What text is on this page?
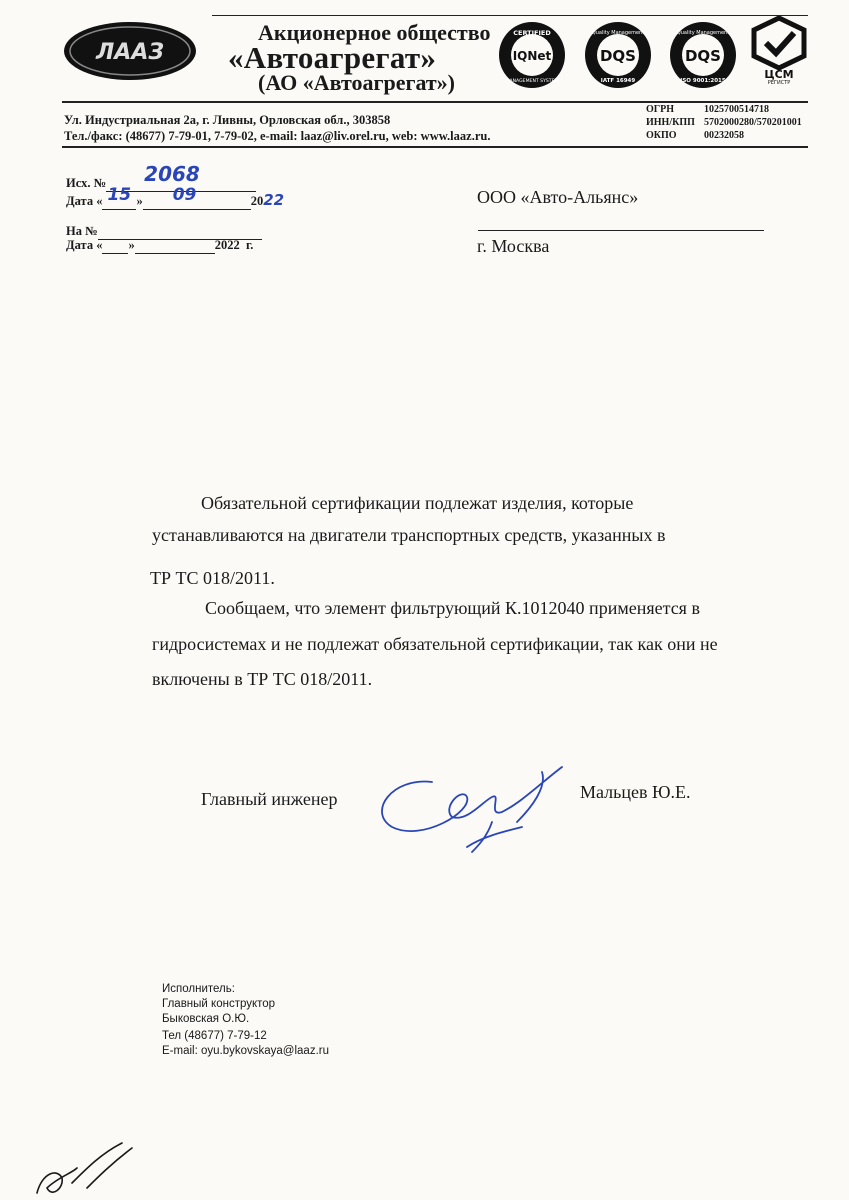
ЛААЗ
Акционерное общество
«Автоагрегат»
(АО «Автоагрегат»)
CERTIFIED
IQNet
MANAGEMENT SYSTEM
Quality Management
DQS
IATF 16949
Quality Management
DQS
ISO 9001:2015	ЦСМ
РЕГИСТР
Ул. Индустриальная 2а, г. Ливны, Орловская обл., 303858
Тел./факс: (48677) 7-79-01, 7-79-02, e-mail: laaz@liv.orel.ru, web: www.laaz.ru.
ОГРН	1025700514718
ИНН/КПП 5702000280/570201001
ОКПО	00232058
Исх. № 2068
Дата « 15 » 09	2022
На №
Дата « »	2022 г.
ООО «Авто-Альянс»
г. Москва
Обязательной сертификации подлежат изделия, которые
устанавливаются на двигатели транспортных средств, указанных в
ТР ТС 018/2011.
Сообщаем, что элемент фильтрующий К.1012040 применяется в
гидросистемах и не подлежат обязательной сертификации, так как они не
включены в ТР ТС 018/2011.
Главный инженер	Мальцев Ю.Е.
Исполнитель:
Главный конструктор
Быковская О.Ю.
Тел (48677) 7-79-12
E-mail: oyu.bykovskaya@laaz.ru
